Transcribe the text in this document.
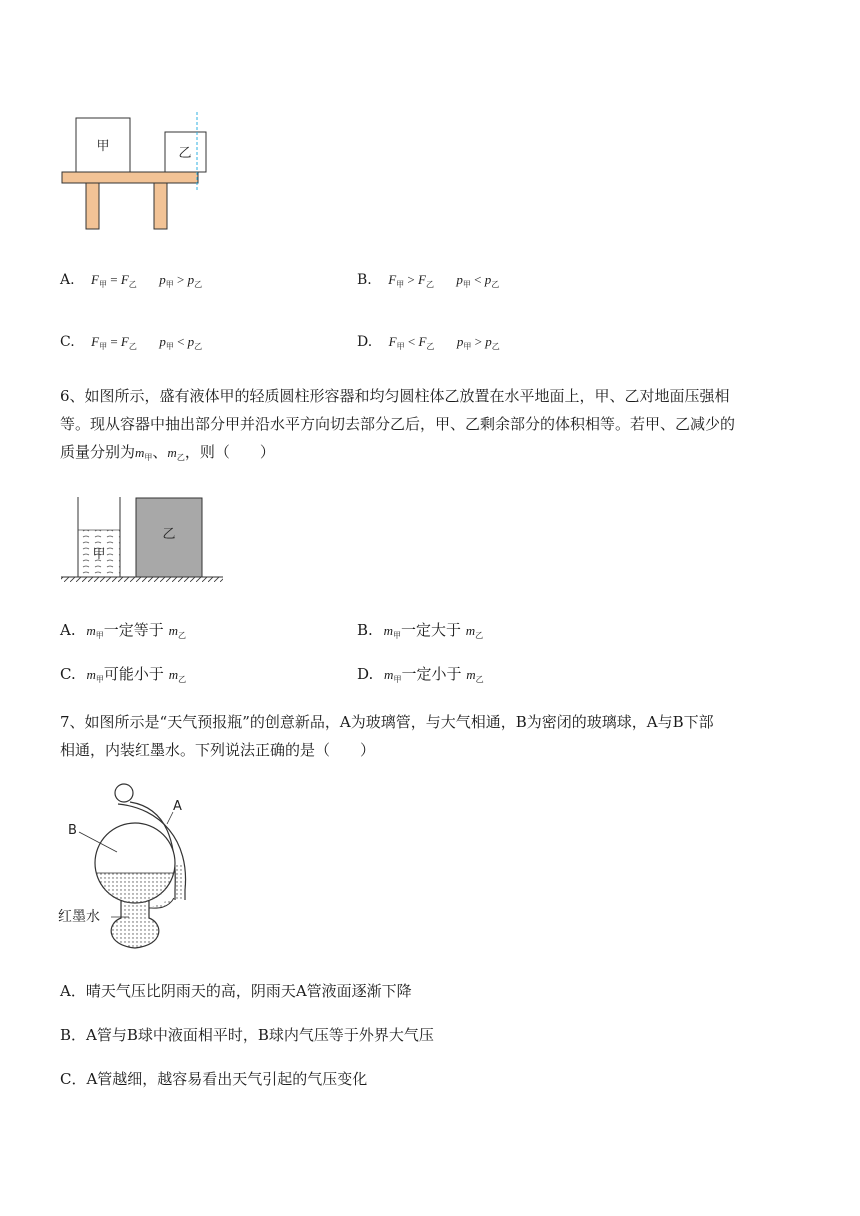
甲	乙
A. $F_甲 = F_乙$ $p_甲 > p_乙$	B. $F_甲 > F_乙$ $p_甲 < p_乙$
C. $F_甲 = F_乙$ $p_甲 < p_乙$	D. $F_甲 < F_乙$ $p_甲 > p_乙$
6、如图所示，盛有液体甲的轻质圆柱形容器和均匀圆柱体乙放置在水平地面上，甲、乙对地面压强相
等。现从容器中抽出部分甲并沿水平方向切去部分乙后，甲、乙剩余部分的体积相等。若甲、乙减少的
质量分别为$m_甲$、$m_乙$，则（　　）
甲
乙
A. $m_甲$一定等于 $m_乙$	B. $m_甲$一定大于 $m_乙$
C. $m_甲$可能小于 $m_乙$	D. $m_甲$一定小于 $m_乙$
7、如图所示是“天气预报瓶”的创意新品，A为玻璃管，与大气相通，B为密闭的玻璃球，A与B下部
相通，内装红墨水。下列说法正确的是（　　）
A
B
红墨水
A．晴天气压比阴雨天的高，阴雨天A管液面逐渐下降
B．A管与B球中液面相平时，B球内气压等于外界大气压
C．A管越细，越容易看出天气引起的气压变化
